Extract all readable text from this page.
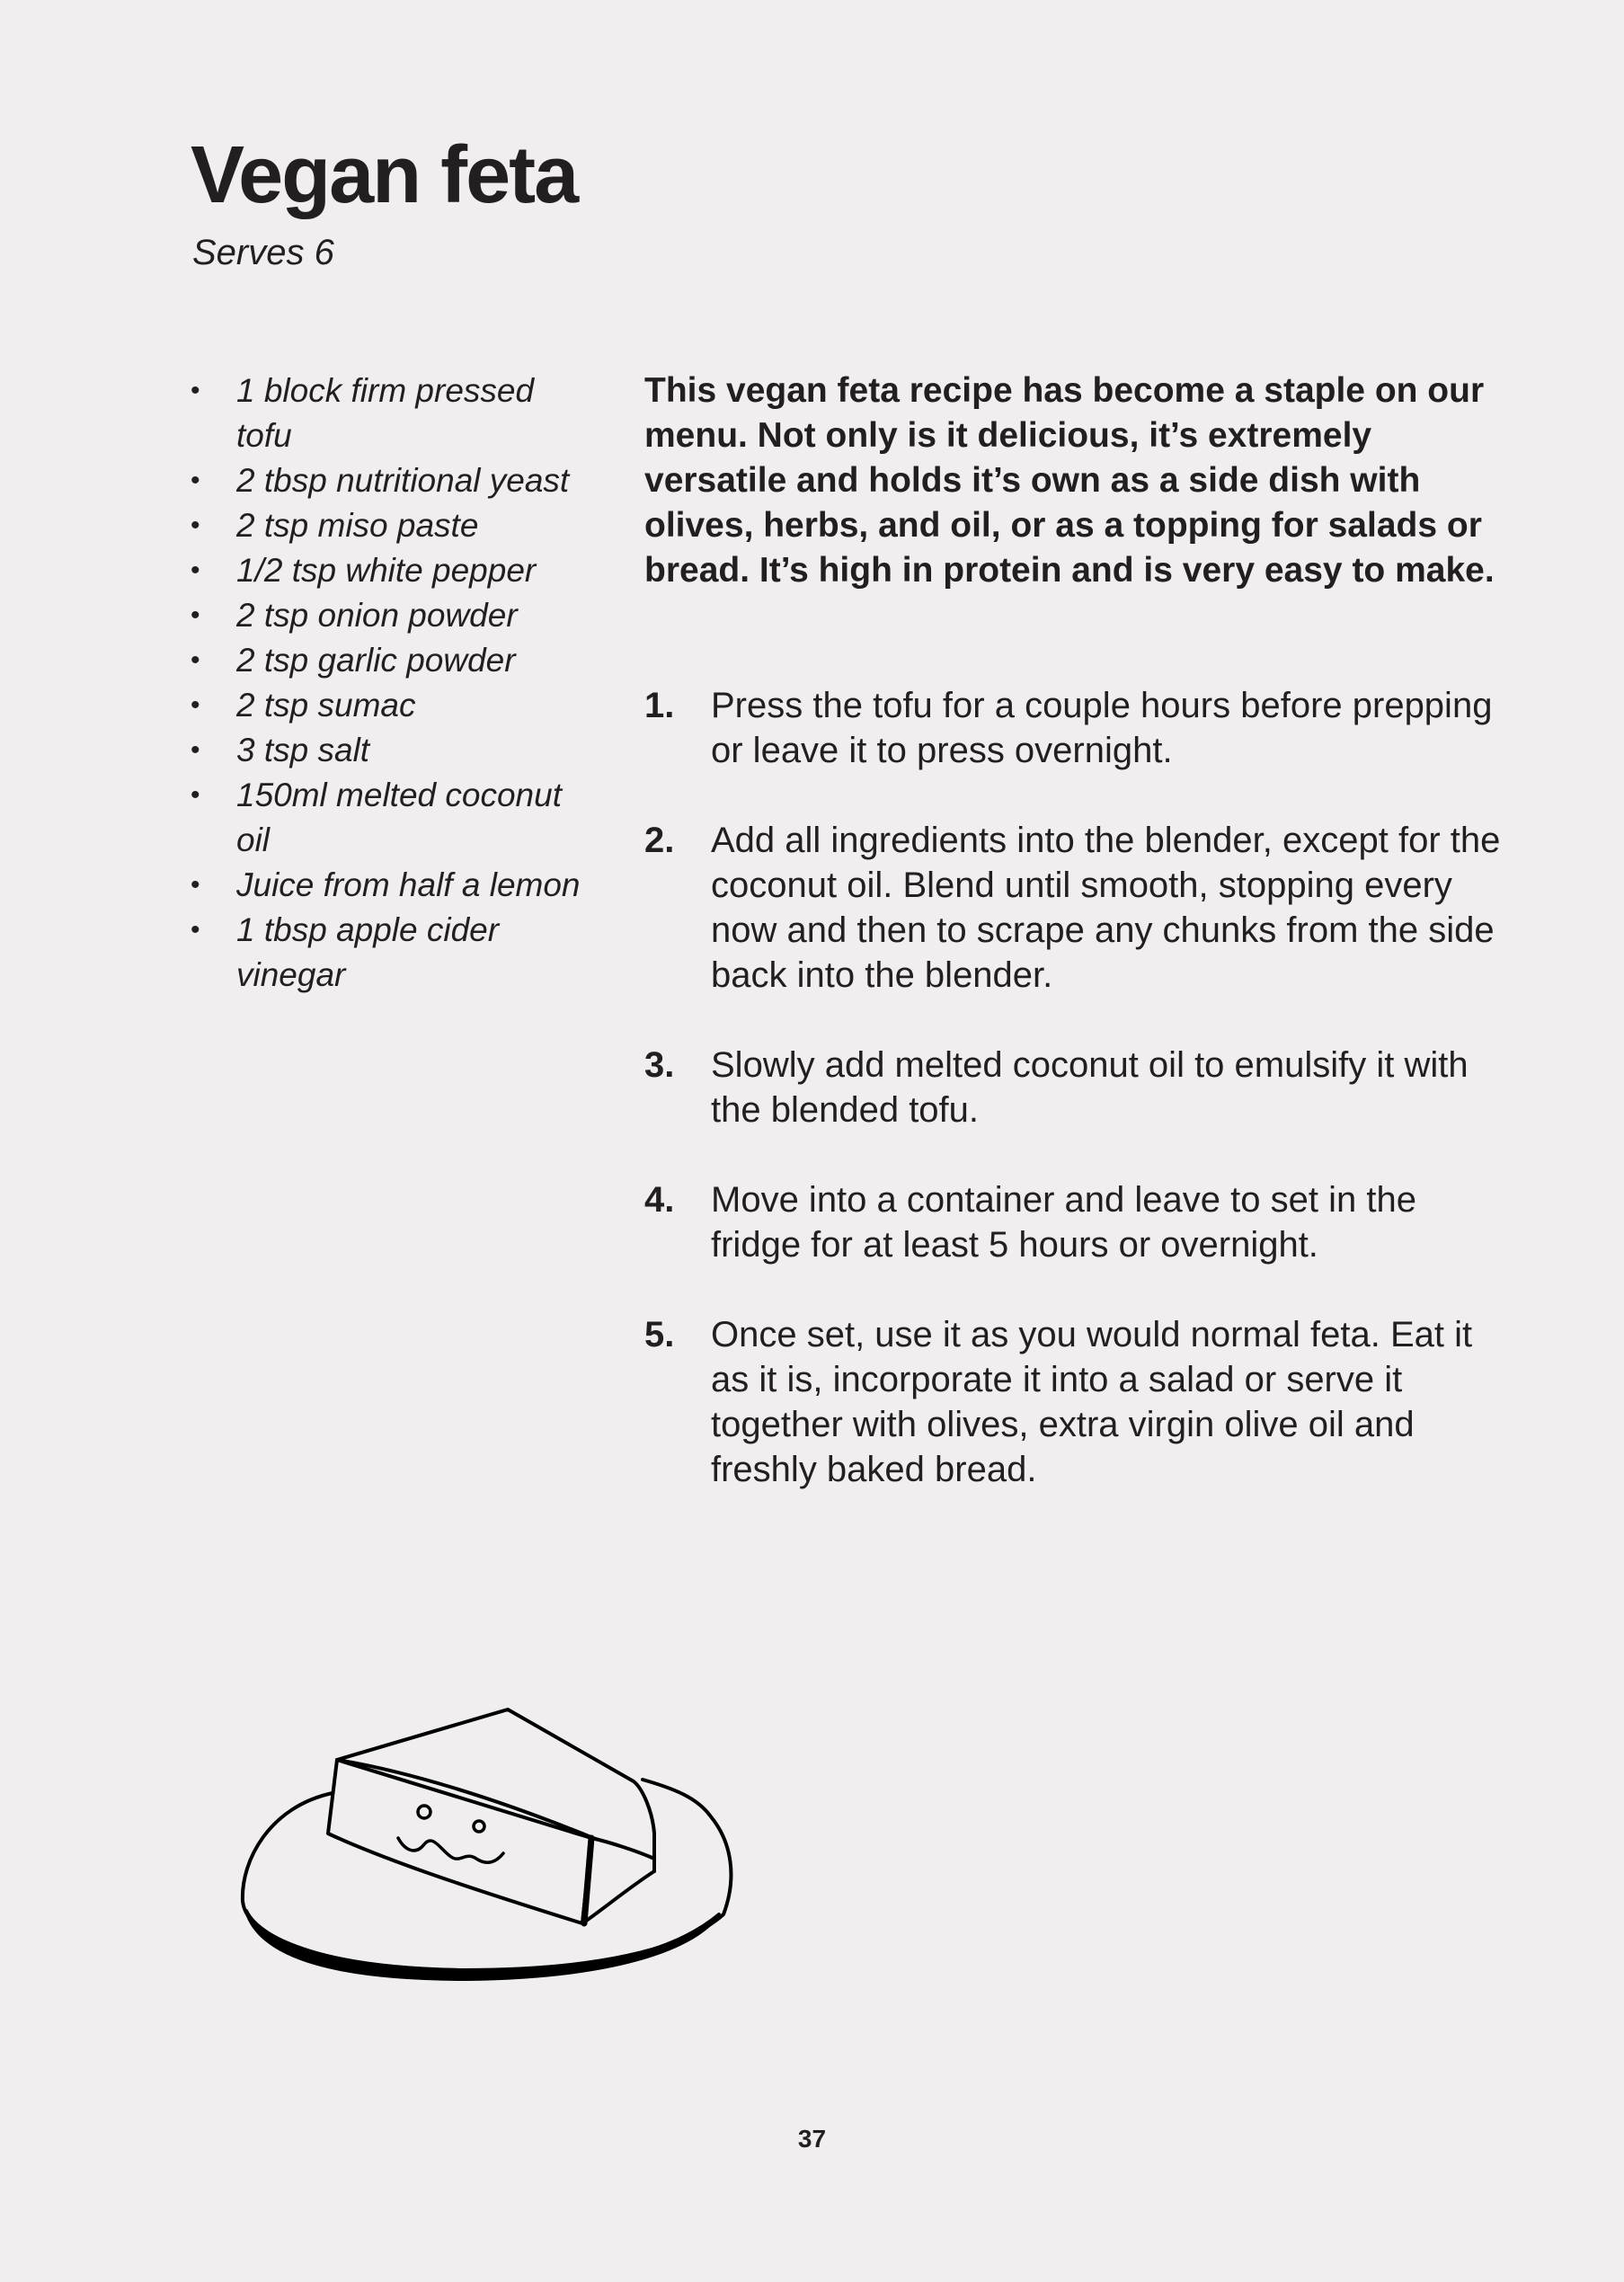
Vegan feta

Serves 6

• 1 block firm pressed tofu
• 2 tbsp nutritional yeast
• 2 tsp miso paste
• 1/2 tsp white pepper
• 2 tsp onion powder
• 2 tsp garlic powder
• 2 tsp sumac
• 3 tsp salt
• 150ml melted coconut oil
• Juice from half a lemon
• 1 tbsp apple cider vinegar

This vegan feta recipe has become a staple on our menu. Not only is it delicious, it’s extremely versatile and holds it’s own as a side dish with olives, herbs, and oil, or as a topping for salads or bread. It’s high in protein and is very easy to make.

1. Press the tofu for a couple hours before prepping or leave it to press overnight.
2. Add all ingredients into the blender, except for the coconut oil. Blend until smooth, stopping every now and then to scrape any chunks from the side back into the blender.
3. Slowly add melted coconut oil to emulsify it with the blended tofu.
4. Move into a container and leave to set in the fridge for at least 5 hours or overnight.
5. Once set, use it as you would normal feta. Eat it as it is, incorporate it into a salad or serve it together with olives, extra virgin olive oil and freshly baked bread.

37
